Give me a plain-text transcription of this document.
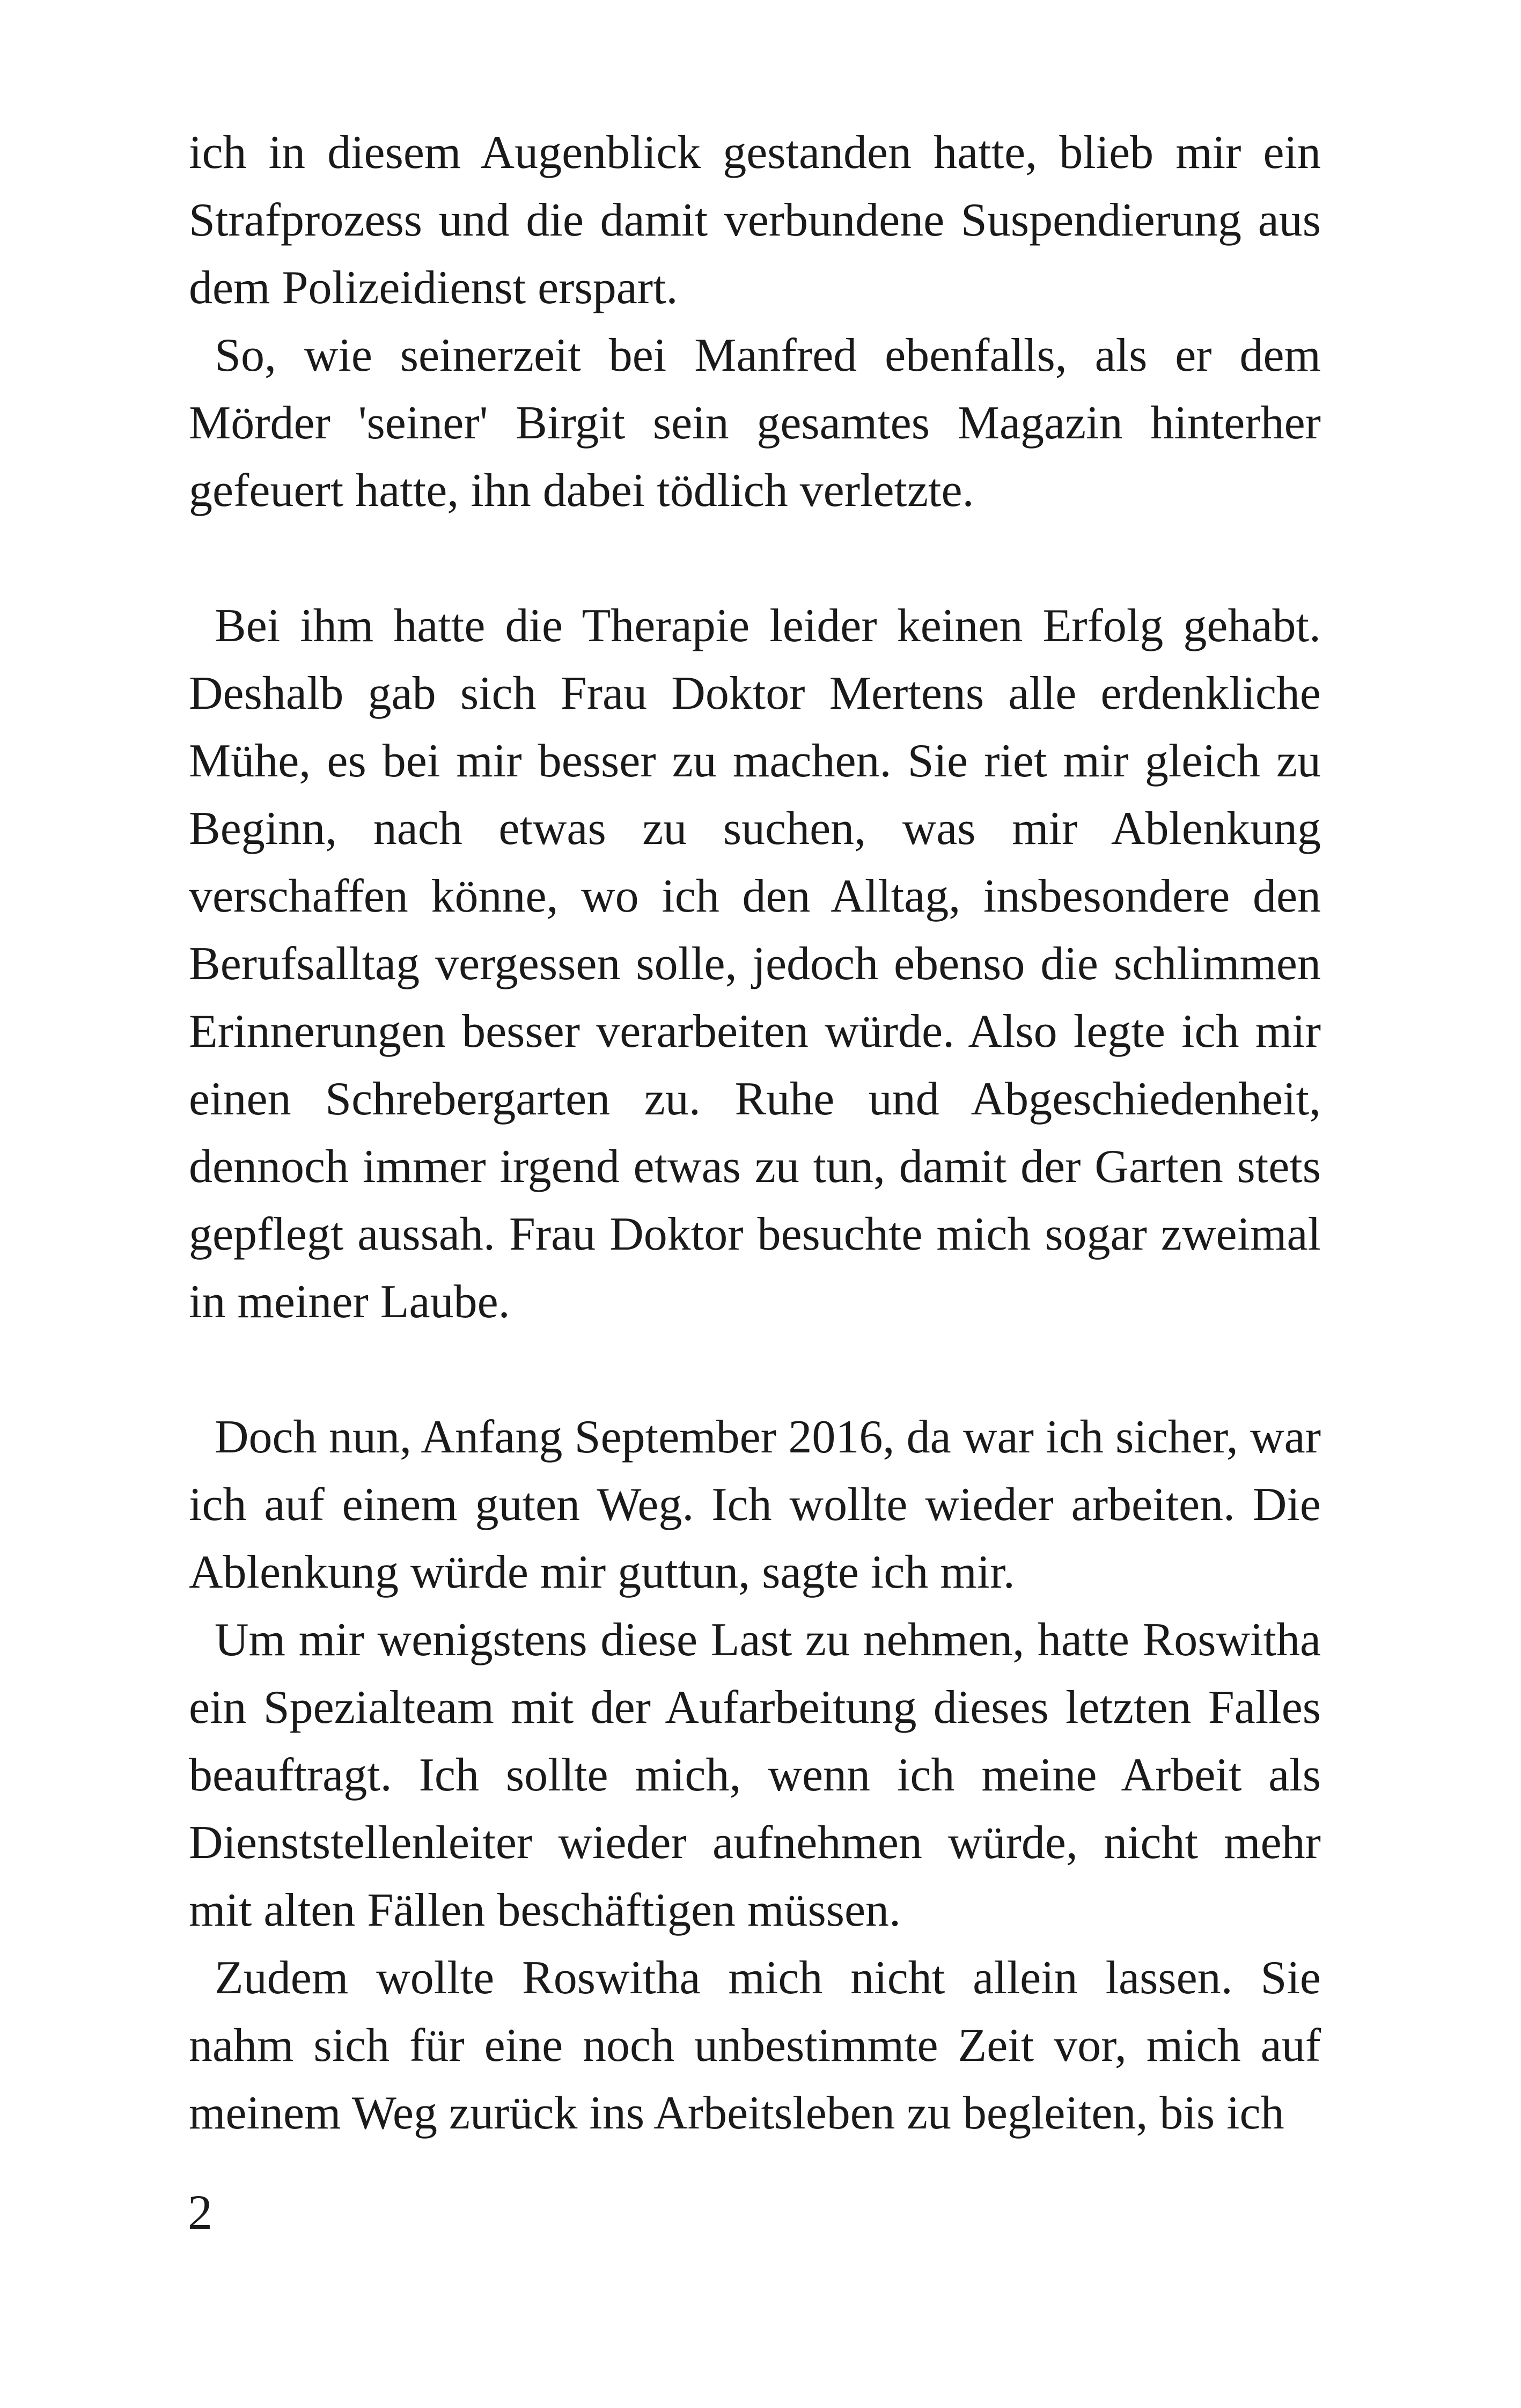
ich in diesem Augenblick gestanden hatte, blieb mir ein Strafprozess und die damit verbundene Suspendierung aus dem Polizeidienst erspart.

So, wie seinerzeit bei Manfred ebenfalls, als er dem Mörder 'seiner' Birgit sein gesamtes Magazin hinterher gefeuert hatte, ihn dabei tödlich verletzte.

Bei ihm hatte die Therapie leider keinen Erfolg gehabt. Deshalb gab sich Frau Doktor Mertens alle erdenkliche Mühe, es bei mir besser zu machen. Sie riet mir gleich zu Beginn, nach etwas zu suchen, was mir Ablenkung verschaffen könne, wo ich den Alltag, insbesondere den Berufsalltag vergessen solle, jedoch ebenso die schlimmen Erinnerungen besser verarbeiten würde. Also legte ich mir einen Schrebergarten zu. Ruhe und Abgeschiedenheit, dennoch immer irgend etwas zu tun, damit der Garten stets gepflegt aussah. Frau Doktor besuchte mich sogar zweimal in meiner Laube.

Doch nun, Anfang September 2016, da war ich sicher, war ich auf einem guten Weg. Ich wollte wieder arbeiten. Die Ablenkung würde mir guttun, sagte ich mir.

Um mir wenigstens diese Last zu nehmen, hatte Roswitha ein Spezialteam mit der Aufarbeitung dieses letzten Falles beauftragt. Ich sollte mich, wenn ich meine Arbeit als Dienststellenleiter wieder aufnehmen würde, nicht mehr mit alten Fällen beschäftigen müssen.

Zudem wollte Roswitha mich nicht allein lassen. Sie nahm sich für eine noch unbestimmte Zeit vor, mich auf meinem Weg zurück ins Arbeitsleben zu begleiten, bis ich

2
